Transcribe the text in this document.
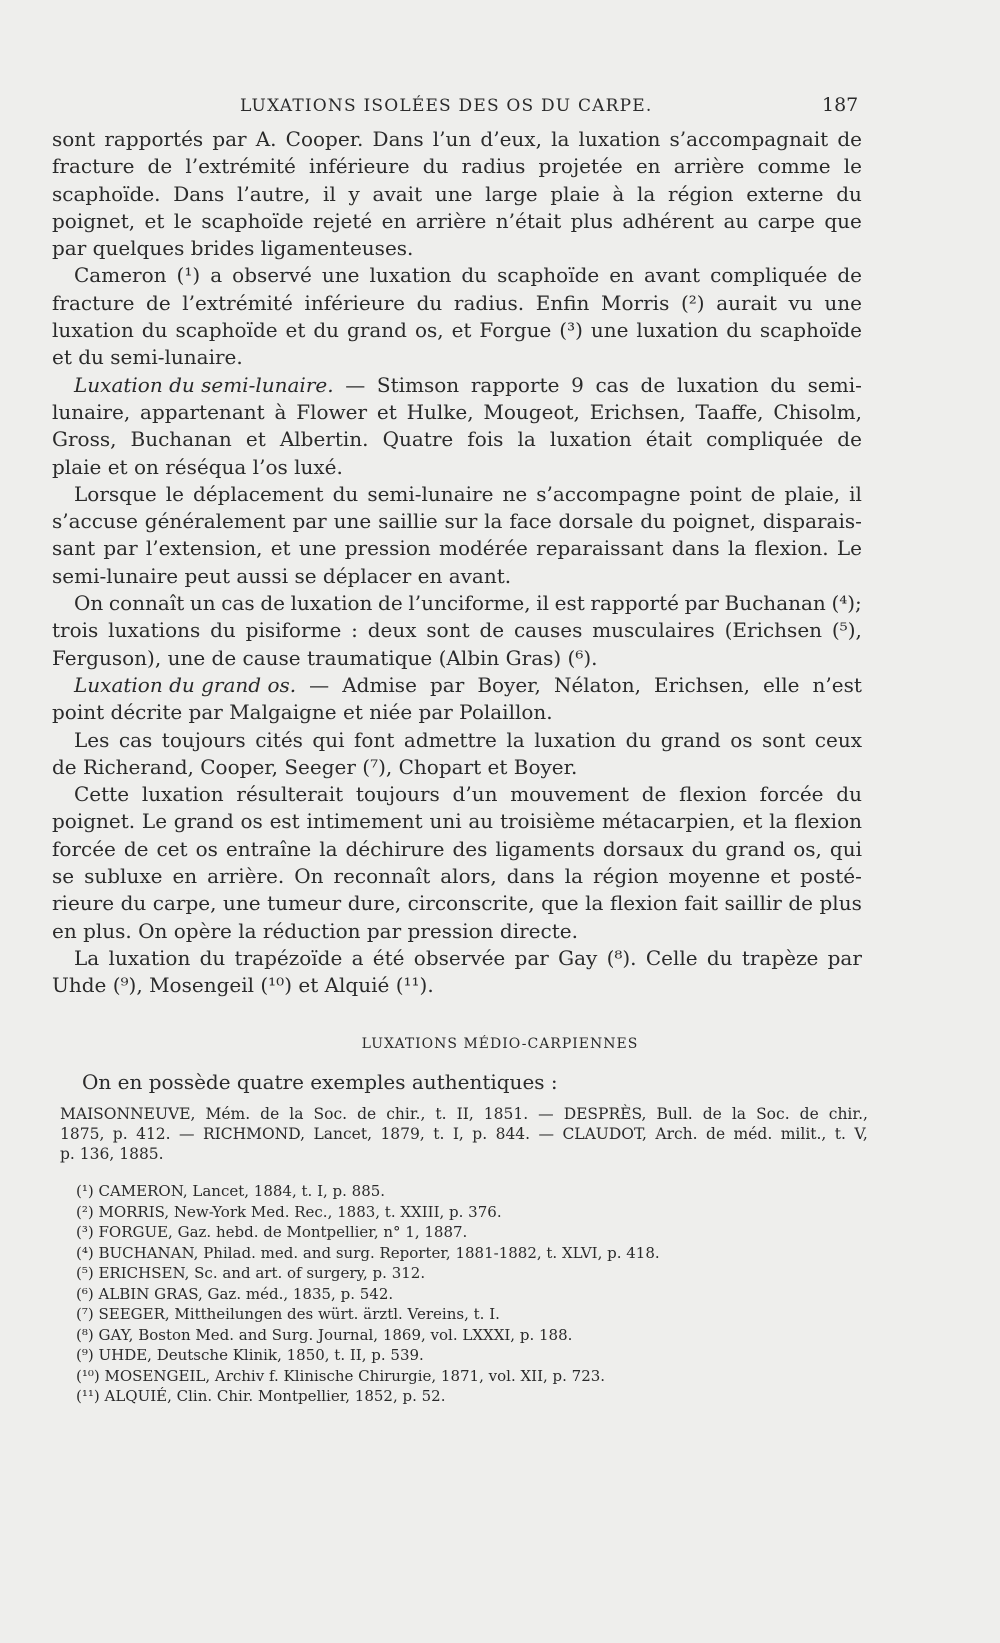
LUXATIONS ISOLÉES DES OS DU CARPE.	187
sont rapportés par A. Cooper. Dans l’un d’eux, la luxation s’accompagnait de
fracture de l’extrémité inférieure du radius projetée en arrière comme le
scaphoïde. Dans l’autre, il y avait une large plaie à la région externe du
poignet, et le scaphoïde rejeté en arrière n’était plus adhérent au carpe que
par quelques brides ligamenteuses.
Cameron (¹) a observé une luxation du scaphoïde en avant compliquée de
fracture de l’extrémité inférieure du radius. Enfin Morris (²) aurait vu une
luxation du scaphoïde et du grand os, et Forgue (³) une luxation du scaphoïde
et du semi-lunaire.
Luxation du semi-lunaire. — Stimson rapporte 9 cas de luxation du semi-
lunaire, appartenant à Flower et Hulke, Mougeot, Erichsen, Taaffe, Chisolm,
Gross, Buchanan et Albertin. Quatre fois la luxation était compliquée de
plaie et on réséqua l’os luxé.
Lorsque le déplacement du semi-lunaire ne s’accompagne point de plaie, il
s’accuse généralement par une saillie sur la face dorsale du poignet, disparais-
sant par l’extension, et une pression modérée reparaissant dans la flexion. Le
semi-lunaire peut aussi se déplacer en avant.
On connaît un cas de luxation de l’unciforme, il est rapporté par Buchanan (⁴);
trois luxations du pisiforme : deux sont de causes musculaires (Erichsen (⁵),
Ferguson), une de cause traumatique (Albin Gras) (⁶).
Luxation du grand os. — Admise par Boyer, Nélaton, Erichsen, elle n’est
point décrite par Malgaigne et niée par Polaillon.
Les cas toujours cités qui font admettre la luxation du grand os sont ceux
de Richerand, Cooper, Seeger (⁷), Chopart et Boyer.
Cette luxation résulterait toujours d’un mouvement de flexion forcée du
poignet. Le grand os est intimement uni au troisième métacarpien, et la flexion
forcée de cet os entraîne la déchirure des ligaments dorsaux du grand os, qui
se subluxe en arrière. On reconnaît alors, dans la région moyenne et posté-
rieure du carpe, une tumeur dure, circonscrite, que la flexion fait saillir de plus
en plus. On opère la réduction par pression directe.
La luxation du trapézoïde a été observée par Gay (⁸). Celle du trapèze par
Uhde (⁹), Mosengeil (¹⁰) et Alquié (¹¹).
LUXATIONS MÉDIO-CARPIENNES
On en possède quatre exemples authentiques :
MAISONNEUVE, Mém. de la Soc. de chir., t. II, 1851. — DESPRÈS, Bull. de la Soc. de chir.,
1875, p. 412. — RICHMOND, Lancet, 1879, t. I, p. 844. — CLAUDOT, Arch. de méd. milit., t. V,
p. 136, 1885.
(¹) CAMERON, Lancet, 1884, t. I, p. 885.
(²) MORRIS, New-York Med. Rec., 1883, t. XXIII, p. 376.
(³) FORGUE, Gaz. hebd. de Montpellier, n° 1, 1887.
(⁴) BUCHANAN, Philad. med. and surg. Reporter, 1881-1882, t. XLVI, p. 418.
(⁵) ERICHSEN, Sc. and art. of surgery, p. 312.
(⁶) ALBIN GRAS, Gaz. méd., 1835, p. 542.
(⁷) SEEGER, Mittheilungen des würt. ärztl. Vereins, t. I.
(⁸) GAY, Boston Med. and Surg. Journal, 1869, vol. LXXXI, p. 188.
(⁹) UHDE, Deutsche Klinik, 1850, t. II, p. 539.
(¹⁰) MOSENGEIL, Archiv f. Klinische Chirurgie, 1871, vol. XII, p. 723.
(¹¹) ALQUIÉ, Clin. Chir. Montpellier, 1852, p. 52.
